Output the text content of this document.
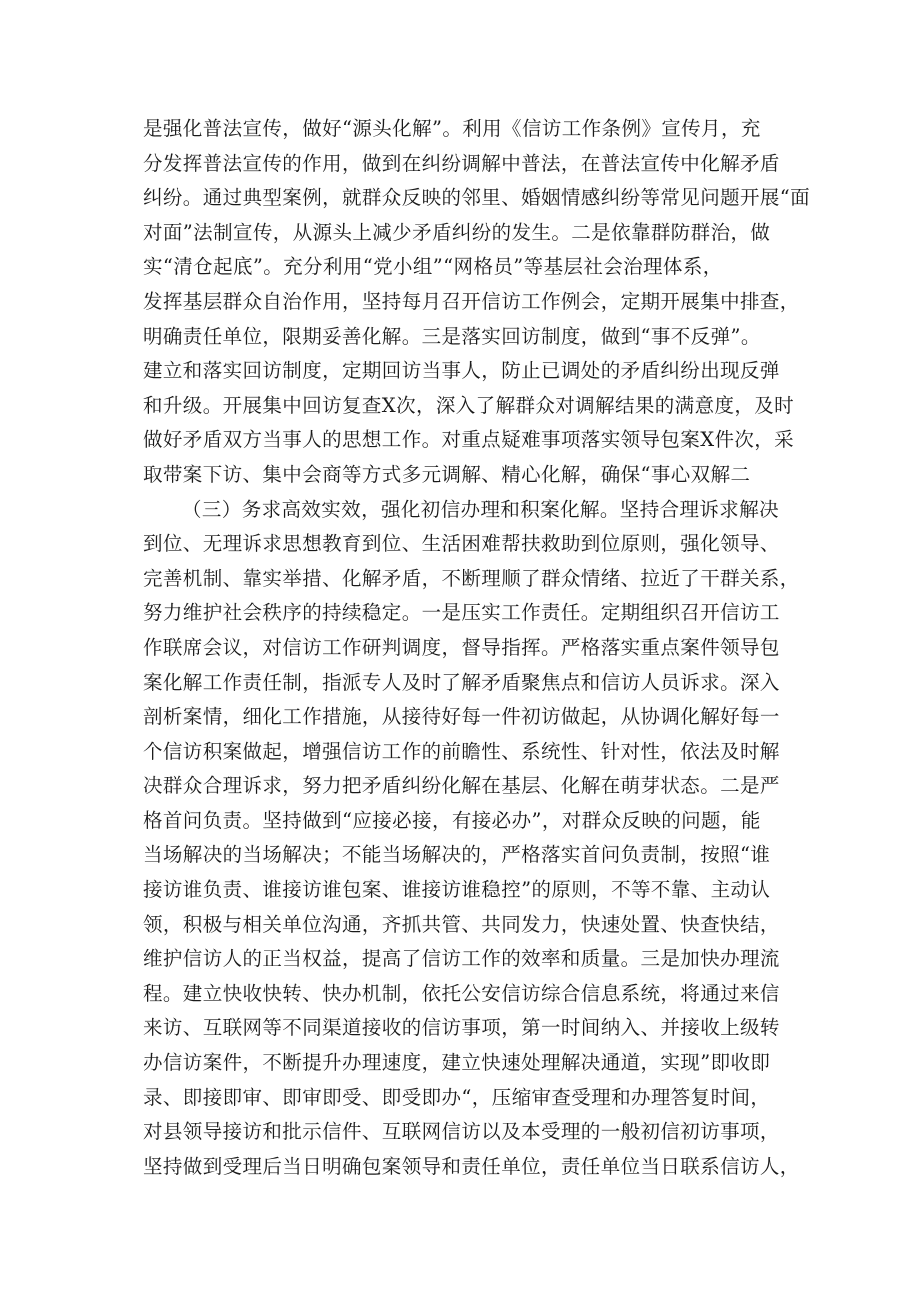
是强化普法宣传，做好“源头化解”。利用《信访工作条例》宣传月，充
分发挥普法宣传的作用，做到在纠纷调解中普法，在普法宣传中化解矛盾
纠纷。通过典型案例，就群众反映的邻里、婚姻情感纠纷等常见问题开展“面
对面”法制宣传，从源头上减少矛盾纠纷的发生。二是依靠群防群治，做
实“清仓起底”。充分利用“党小组”“网格员”等基层社会治理体系，
发挥基层群众自治作用，坚持每月召开信访工作例会，定期开展集中排查，
明确责任单位，限期妥善化解。三是落实回访制度，做到“事不反弹”。
建立和落实回访制度，定期回访当事人，防止已调处的矛盾纠纷出现反弹
和升级。开展集中回访复查X次，深入了解群众对调解结果的满意度，及时
做好矛盾双方当事人的思想工作。对重点疑难事项落实领导包案X件次，采
取带案下访、集中会商等方式多元调解、精心化解，确保“事心双解二
（三）务求高效实效，强化初信办理和积案化解。坚持合理诉求解决
到位、无理诉求思想教育到位、生活困难帮扶救助到位原则，强化领导、
完善机制、靠实举措、化解矛盾，不断理顺了群众情绪、拉近了干群关系，
努力维护社会秩序的持续稳定。一是压实工作责任。定期组织召开信访工
作联席会议，对信访工作研判调度，督导指挥。严格落实重点案件领导包
案化解工作责任制，指派专人及时了解矛盾聚焦点和信访人员诉求。深入
剖析案情，细化工作措施，从接待好每一件初访做起，从协调化解好每一
个信访积案做起，增强信访工作的前瞻性、系统性、针对性，依法及时解
决群众合理诉求，努力把矛盾纠纷化解在基层、化解在萌芽状态。二是严
格首问负责。坚持做到“应接必接，有接必办”，对群众反映的问题，能
当场解决的当场解决；不能当场解决的，严格落实首问负责制，按照“谁
接访谁负责、谁接访谁包案、谁接访谁稳控”的原则，不等不靠、主动认
领，积极与相关单位沟通，齐抓共管、共同发力，快速处置、快查快结，
维护信访人的正当权益，提高了信访工作的效率和质量。三是加快办理流
程。建立快收快转、快办机制，依托公安信访综合信息系统，将通过来信
来访、互联网等不同渠道接收的信访事项，第一时间纳入、并接收上级转
办信访案件，不断提升办理速度，建立快速处理解决通道，实现”即收即
录、即接即审、即审即受、即受即办“，压缩审查受理和办理答复时间，
对县领导接访和批示信件、互联网信访以及本受理的一般初信初访事项，
坚持做到受理后当日明确包案领导和责任单位，责任单位当日联系信访人，
